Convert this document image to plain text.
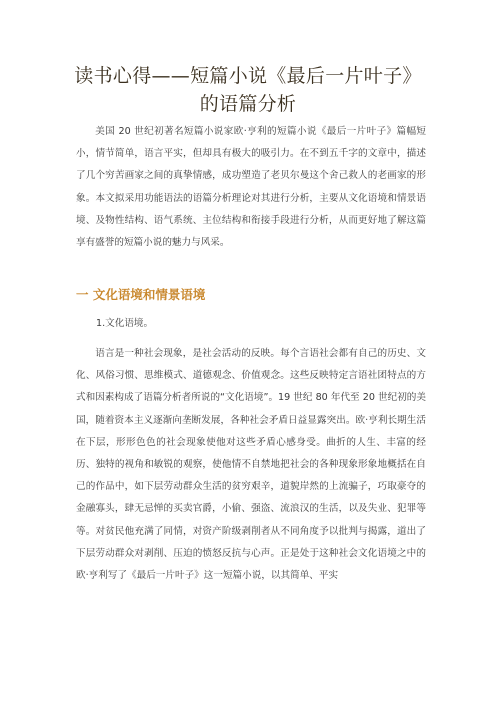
读书心得——短篇小说《最后一片叶子》
的语篇分析

美国 20 世纪初著名短篇小说家欧·亨利的短篇小说《最后一片叶子》篇幅短小，情节简单，语言平实，但却具有极大的吸引力。在不到五千字的文章中，描述了几个穷苦画家之间的真挚情感，成功塑造了老贝尔曼这个舍己救人的老画家的形象。本文拟采用功能语法的语篇分析理论对其进行分析，主要从文化语境和情景语境、及物性结构、语气系统、主位结构和衔接手段进行分析，从而更好地了解这篇享有盛誉的短篇小说的魅力与风采。

一 文化语境和情景语境
1.文化语境。

语言是一种社会现象，是社会活动的反映。每个言语社会都有自己的历史、文化、风俗习惯、思维模式、道德观念、价值观念。这些反映特定言语社团特点的方式和因素构成了语篇分析者所说的“文化语境”。19 世纪 80 年代至 20 世纪初的美国，随着资本主义逐渐向垄断发展，各种社会矛盾日益显露突出。欧·亨利长期生活在下层，形形色色的社会现象使他对这些矛盾心感身受。曲折的人生、丰富的经历、独特的视角和敏锐的观察，使他情不自禁地把社会的各种现象形象地概括在自己的作品中，如下层劳动群众生活的贫穷艰辛，道貌岸然的上流骗子，巧取豪夺的金融寡头，肆无忌惮的买卖官爵，小偷、强盗、流浪汉的生活，以及失业、犯罪等等。对贫民他充满了同情，对资产阶级剥削者从不同角度予以批判与揭露，道出了下层劳动群众对剥削、压迫的愤怒反抗与心声。正是处于这种社会文化语境之中的欧·亨利写了《最后一片叶子》这一短篇小说，以其简单、平实
